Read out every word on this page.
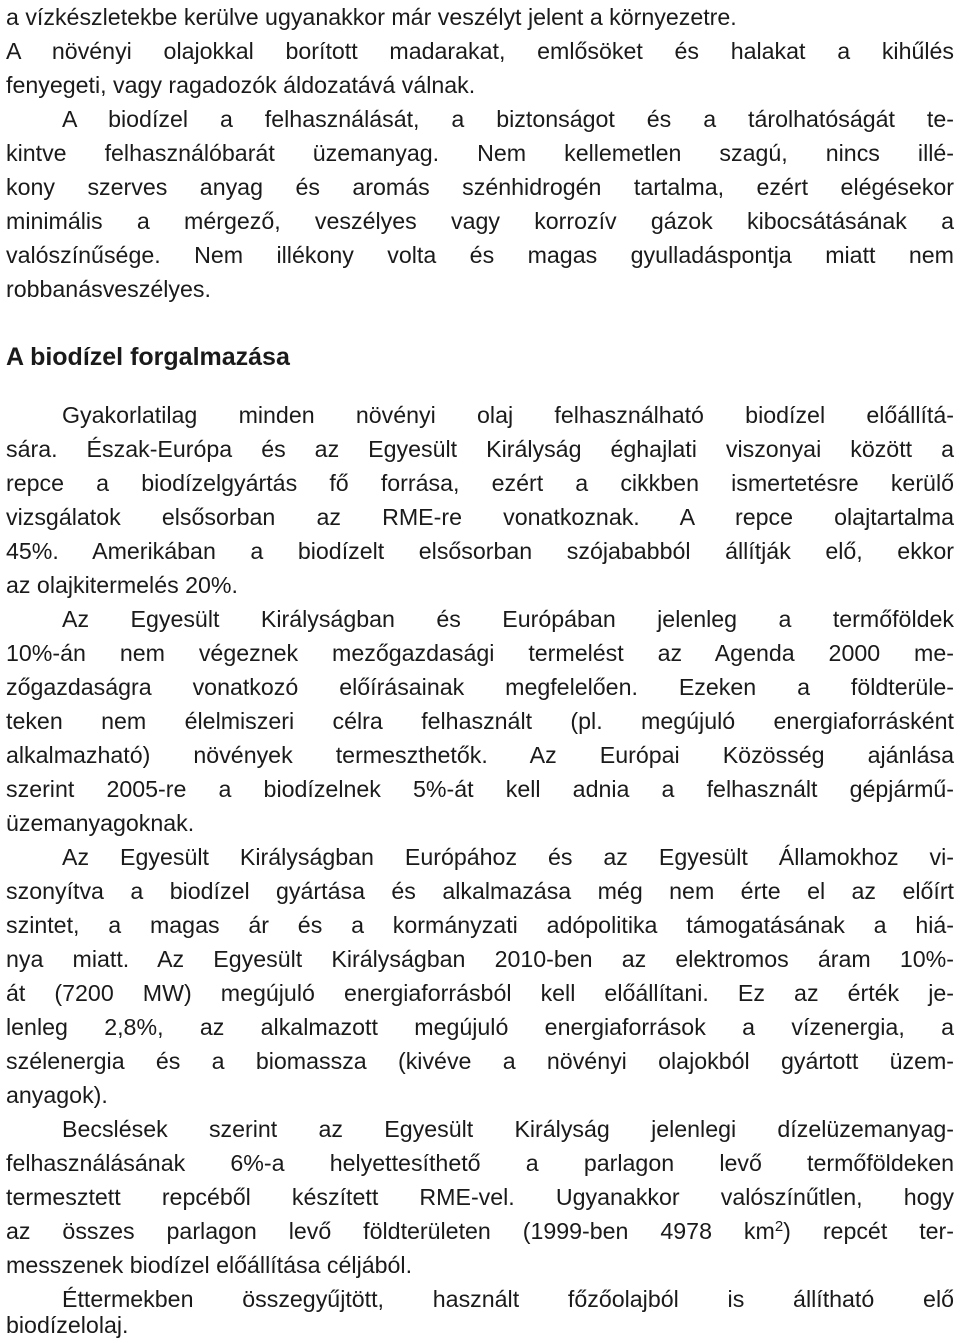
a vízkészletekbe kerülve ugyanakkor már veszélyt jelent a környezetre.
A növényi olajokkal borított madarakat, emlősöket és halakat a kihűlés
fenyegeti, vagy ragadozók áldozatává válnak.
A biodízel a felhasználását, a biztonságot és a tárolhatóságát te-
kintve felhasználóbarát üzemanyag. Nem kellemetlen szagú, nincs illé-
kony szerves anyag és aromás szénhidrogén tartalma, ezért elégésekor
minimális a mérgező, veszélyes vagy korrozív gázok kibocsátásának a
valószínűsége. Nem illékony volta és magas gyulladáspontja miatt nem
robbanásveszélyes.
A biodízel forgalmazása
Gyakorlatilag minden növényi olaj felhasználható biodízel előállítá-
sára. Észak-Európa és az Egyesült Királyság éghajlati viszonyai között a
repce a biodízelgyártás fő forrása, ezért a cikkben ismertetésre kerülő
vizsgálatok elsősorban az RME-re vonatkoznak. A repce olajtartalma
45%. Amerikában a biodízelt elsősorban szójababból állítják elő, ekkor
az olajkitermelés 20%.
Az Egyesült Királyságban és Európában jelenleg a termőföldek
10%-án nem végeznek mezőgazdasági termelést az Agenda 2000 me-
zőgazdaságra vonatkozó előírásainak megfelelően. Ezeken a földterüle-
teken nem élelmiszeri célra felhasznált (pl. megújuló energiaforrásként
alkalmazható) növények termeszthetők. Az Európai Közösség ajánlása
szerint 2005-re a biodízelnek 5%-át kell adnia a felhasznált gépjármű-
üzemanyagoknak.
Az Egyesült Királyságban Európához és az Egyesült Államokhoz vi-
szonyítva a biodízel gyártása és alkalmazása még nem érte el az előírt
szintet, a magas ár és a kormányzati adópolitika támogatásának a hiá-
nya miatt. Az Egyesült Királyságban 2010-ben az elektromos áram 10%-
át (7200 MW) megújuló energiaforrásból kell előállítani. Ez az érték je-
lenleg 2,8%, az alkalmazott megújuló energiaforrások a vízenergia, a
szélenergia és a biomassza (kivéve a növényi olajokból gyártott üzem-
anyagok).
Becslések szerint az Egyesült Királyság jelenlegi dízelüzemanyag-
felhasználásának 6%-a helyettesíthető a parlagon levő termőföldeken
termesztett repcéből készített RME-vel. Ugyanakkor valószínűtlen, hogy
az összes parlagon levő földterületen (1999-ben 4978 $km^2$) repcét ter-
messzenek biodízel előállítása céljából.
Éttermekben összegyűjtött, használt főzőolajból is állítható elő
biodízelolaj.
